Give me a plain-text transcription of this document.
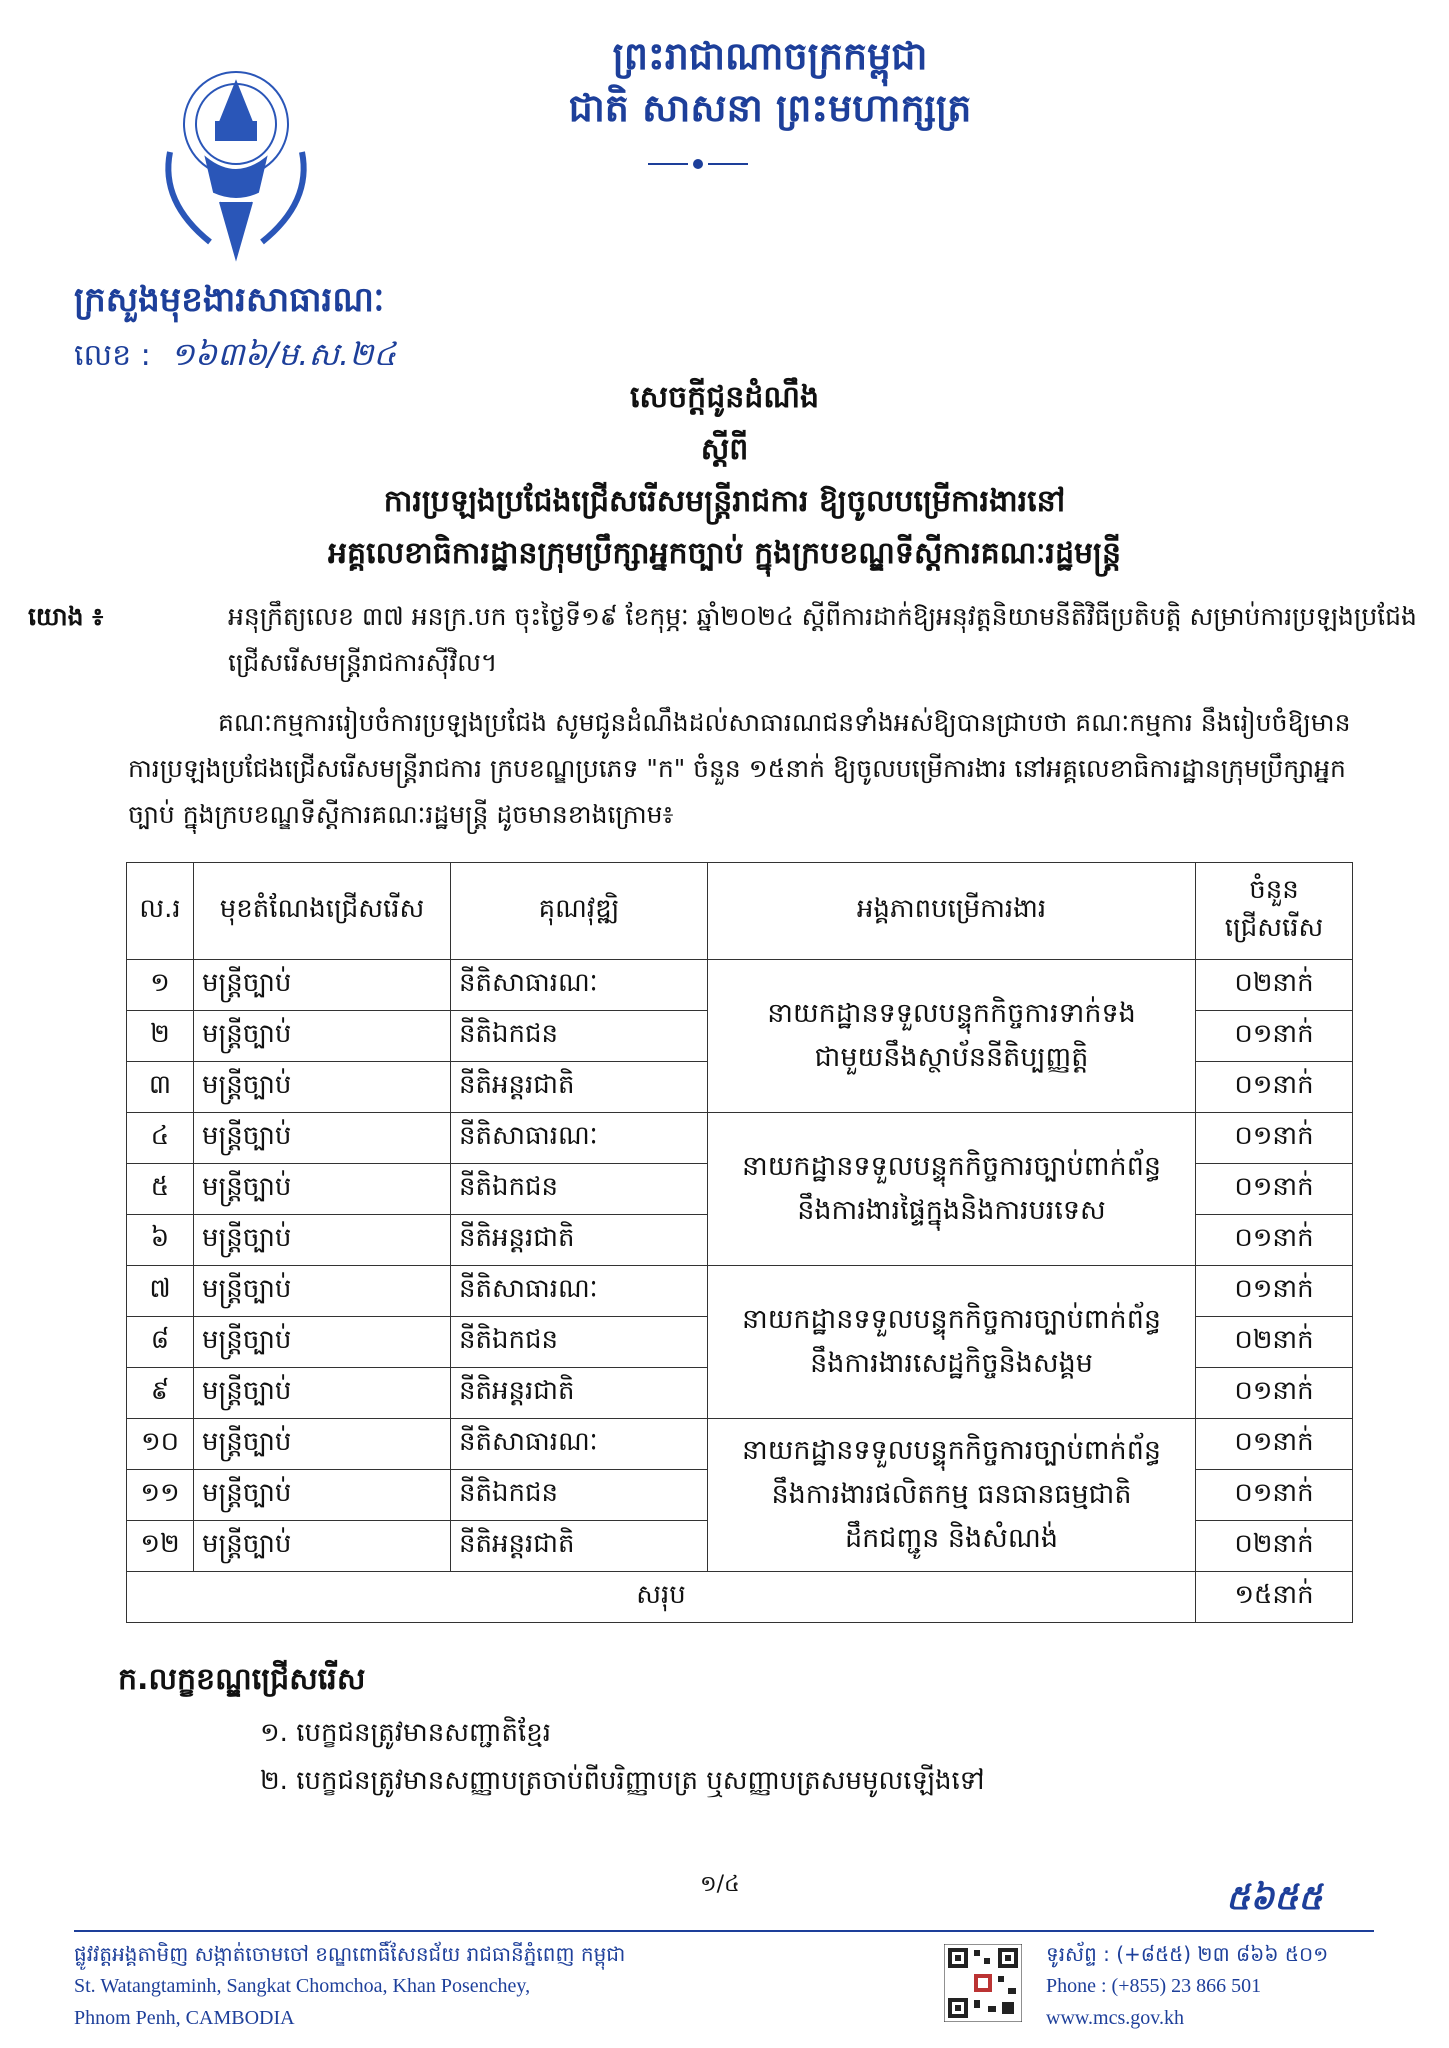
ព្រះរាជាណាចក្រកម្ពុជា
ជាតិ សាសនា ព្រះមហាក្សត្រ
ក្រសួងមុខងារសាធារណៈ
លេខ : ១៦៣៦/ម.ស.២៤
សេចក្តីជូនដំណឹង
ស្តីពី
ការប្រឡងប្រជែងជ្រើសរើសមន្ត្រីរាជការ ឱ្យចូលបម្រើការងារនៅ
អគ្គលេខាធិការដ្ឋានក្រុមប្រឹក្សាអ្នកច្បាប់ ក្នុងក្របខណ្ឌទីស្តីការគណៈរដ្ឋមន្ត្រី
យោង ៖	អនុក្រឹត្យលេខ ៣៧ អនក្រ.បក ចុះថ្ងៃទី១៩ ខែកុម្ភៈ ឆ្នាំ២០២៤ ស្តីពីការដាក់ឱ្យអនុវត្តនិយាមនីតិវិធីប្រតិបត្តិ សម្រាប់ការប្រឡងប្រជែងជ្រើសរើសមន្ត្រីរាជការស៊ីវិល។
គណៈកម្មការរៀបចំការប្រឡងប្រជែង សូមជូនដំណឹងដល់សាធារណជនទាំងអស់ឱ្យបានជ្រាបថា គណៈកម្មការ នឹងរៀបចំឱ្យមានការប្រឡងប្រជែងជ្រើសរើសមន្ត្រីរាជការ ក្របខណ្ឌប្រភេទ "ក" ចំនួន ១៥នាក់ ឱ្យចូលបម្រើការងារ នៅអគ្គលេខាធិការដ្ឋានក្រុមប្រឹក្សាអ្នកច្បាប់ ក្នុងក្របខណ្ឌទីស្តីការគណៈរដ្ឋមន្ត្រី ដូចមានខាងក្រោម៖
ល.រ	មុខតំណែងជ្រើសរើស	គុណវុឌ្ឍិ	អង្គភាពបម្រើការងារ	ចំនួន
ជ្រើសរើស

១	មន្ត្រីច្បាប់	នីតិសាធារណៈ	នាយកដ្ឋានទទួលបន្ទុកកិច្ចការទាក់ទង
ជាមួយនឹងស្ថាប័ននីតិប្បញ្ញត្តិ	០២នាក់
២	មន្ត្រីច្បាប់	នីតិឯកជន		០១នាក់
៣	មន្ត្រីច្បាប់	នីតិអន្តរជាតិ		០១នាក់
៤	មន្ត្រីច្បាប់	នីតិសាធារណៈ	នាយកដ្ឋានទទួលបន្ទុកកិច្ចការច្បាប់ពាក់ព័ន្ធ
នឹងការងារផ្ទៃក្នុងនិងការបរទេស	០១នាក់
៥	មន្ត្រីច្បាប់	នីតិឯកជន		០១នាក់
៦	មន្ត្រីច្បាប់	នីតិអន្តរជាតិ		០១នាក់
៧	មន្ត្រីច្បាប់	នីតិសាធារណៈ	នាយកដ្ឋានទទួលបន្ទុកកិច្ចការច្បាប់ពាក់ព័ន្ធ
នឹងការងារសេដ្ឋកិច្ចនិងសង្គម	០១នាក់
៨	មន្ត្រីច្បាប់	នីតិឯកជន		០២នាក់
៩	មន្ត្រីច្បាប់	នីតិអន្តរជាតិ		០១នាក់
១០	មន្ត្រីច្បាប់	នីតិសាធារណៈ	នាយកដ្ឋានទទួលបន្ទុកកិច្ចការច្បាប់ពាក់ព័ន្ធ
នឹងការងារផលិតកម្ម ធនធានធម្មជាតិ
ដឹកជញ្ជូន និងសំណង់	០១នាក់
១១	មន្ត្រីច្បាប់	នីតិឯកជន		០១នាក់
១២	មន្ត្រីច្បាប់	នីតិអន្តរជាតិ		០២នាក់
សរុប				១៥នាក់
ក.លក្ខខណ្ឌជ្រើសរើស
១. បេក្ខជនត្រូវមានសញ្ជាតិខ្មែរ
២. បេក្ខជនត្រូវមានសញ្ញាបត្រចាប់ពីបរិញ្ញាបត្រ ឬសញ្ញាបត្រសមមូលឡើងទៅ
១/៤	៥៦៥៥
ផ្លូវវត្តអង្គតាមិញ សង្កាត់ចោមចៅ ខណ្ឌពោធិ៍សែនជ័យ រាជធានីភ្នំពេញ កម្ពុជា
St. Watangtaminh, Sangkat Chomchoa, Khan Posenchey,
Phnom Penh, CAMBODIA
ទូរស័ព្ទ : (+៨៥៥) ២៣ ៨៦៦ ៥០១
Phone : (+855) 23 866 501
www.mcs.gov.kh
